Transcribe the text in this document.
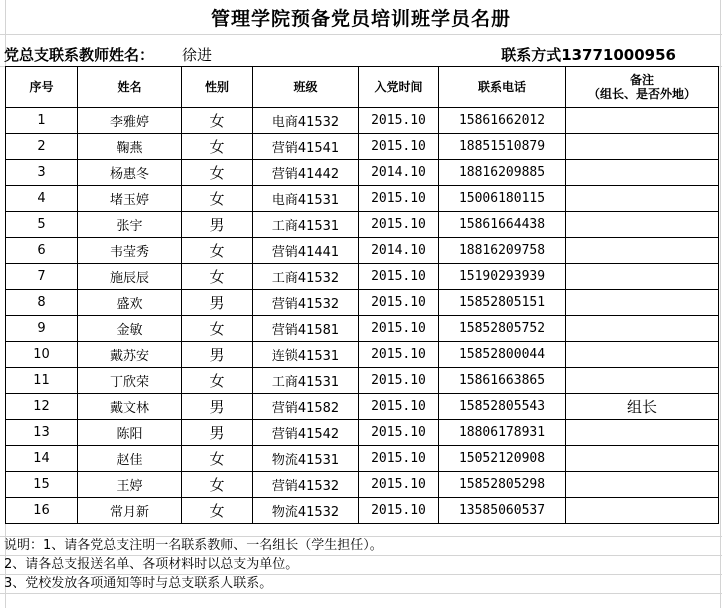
管理学院预备党员培训班学员名册
党总支联系教师姓名： 徐进	联系方式13771000956
序号	姓名	性别	班级	入党时间	联系电话	备注
（组长、是否外地）

1	李雅婷	女	电商41532	2015.10	15861662012	
2	鞠燕	女	营销41541	2015.10	18851510879	
3	杨惠冬	女	营销41442	2014.10	18816209885	
4	堵玉婷	女	电商41531	2015.10	15006180115	
5	张宇	男	工商41531	2015.10	15861664438	
6	韦莹秀	女	营销41441	2014.10	18816209758	
7	施辰辰	女	工商41532	2015.10	15190293939	
8	盛欢	男	营销41532	2015.10	15852805151	
9	金敏	女	营销41581	2015.10	15852805752	
10	戴苏安	男	连锁41531	2015.10	15852800044	
11	丁欣荣	女	工商41531	2015.10	15861663865	
12	戴文林	男	营销41582	2015.10	15852805543	组长
13	陈阳	男	营销41542	2015.10	18806178931	
14	赵佳	女	物流41531	2015.10	15052120908	
15	王婷	女	营销41532	2015.10	15852805298	
16	常月新	女	物流41532	2015.10	13585060537	
说明：1、请各党总支注明一名联系教师、一名组长（学生担任）。
2、请各总支报送名单、各项材料时以总支为单位。
3、党校发放各项通知等时与总支联系人联系。
